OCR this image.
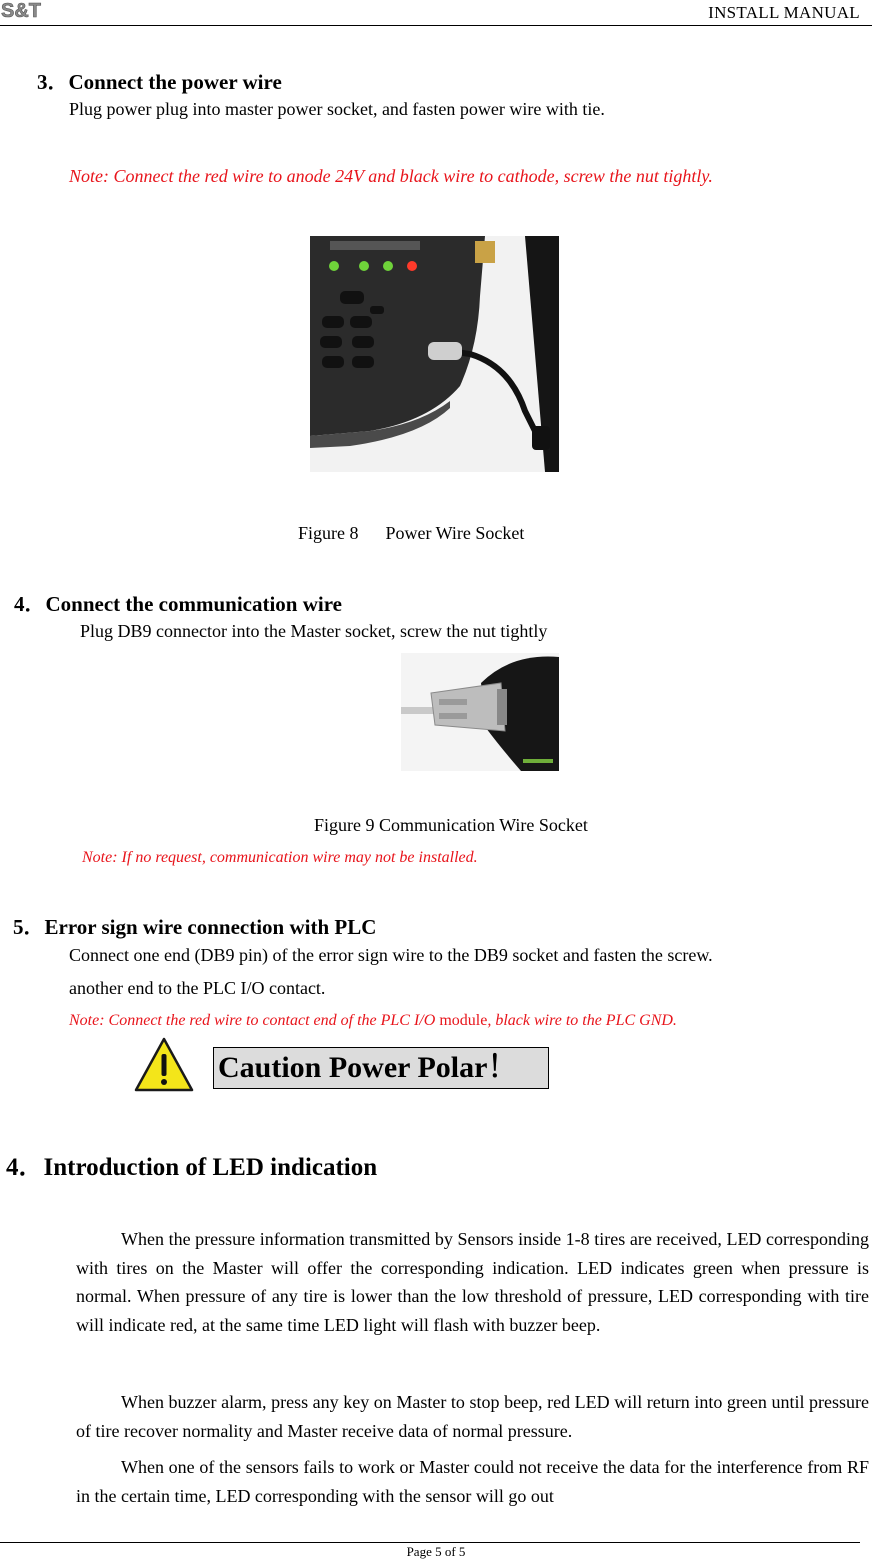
S&T	INSTALL MANUAL
3．Connect the power wire
Plug power plug into master power socket, and fasten power wire with tie.
Note: Connect the red wire to anode 24V and black wire to cathode, screw the nut tightly.
Figure 8      Power Wire Socket
4．Connect the communication wire
Plug DB9 connector into the Master socket, screw the nut tightly
Figure 9 Communication Wire Socket
Note: If no request, communication wire may not be installed.
5．Error sign wire connection with PLC
Connect one end (DB9 pin) of the error sign wire to the DB9 socket and fasten the screw.
another end to the PLC I/O contact.
Note: Connect the red wire to contact end of the PLC I/O module, black wire to the PLC GND.
Caution Power Polar！
4．Introduction of LED indication

When the pressure information transmitted by Sensors inside 1-8 tires are received, LED corresponding with tires on the Master will offer the corresponding indication. LED indicates green when pressure is normal. When pressure of any tire is lower than the low threshold of pressure, LED corresponding with tire will indicate red, at the same time LED light will flash with buzzer beep.

When buzzer alarm, press any key on Master to stop beep, red LED will return into green until pressure of tire recover normality and Master receive data of normal pressure.

When one of the sensors fails to work or Master could not receive the data for the interference from RF in the certain time, LED corresponding with the sensor will go out

Page 5 of 5
